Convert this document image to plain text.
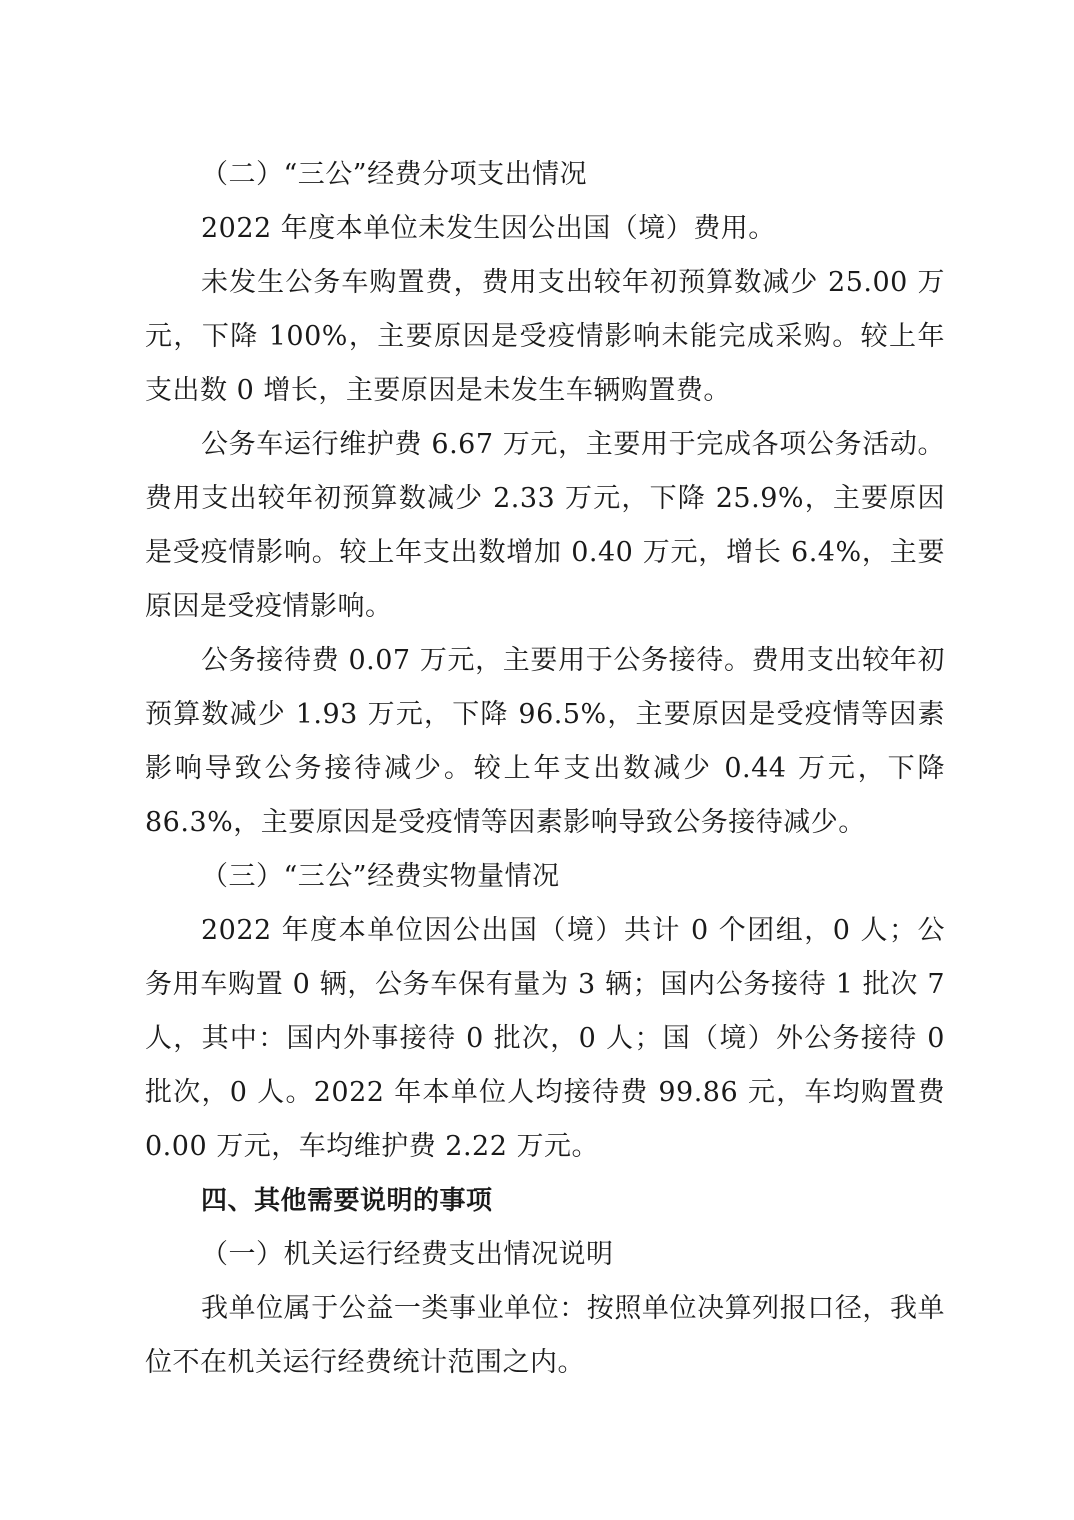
（二）“三公”经费分项支出情况

2022 年度本单位未发生因公出国（境）费用。

未发生公务车购置费，费用支出较年初预算数减少 25.00 万元，下降 100%，主要原因是受疫情影响未能完成采购。较上年支出数 0 增长，主要原因是未发生车辆购置费。

公务车运行维护费 6.67 万元，主要用于完成各项公务活动。费用支出较年初预算数减少 2.33 万元，下降 25.9%，主要原因是受疫情影响。较上年支出数增加 0.40 万元，增长 6.4%，主要原因是受疫情影响。

公务接待费 0.07 万元，主要用于公务接待。费用支出较年初预算数减少 1.93 万元，下降 96.5%，主要原因是受疫情等因素影响导致公务接待减少。较上年支出数减少 0.44 万元，下降 86.3%，主要原因是受疫情等因素影响导致公务接待减少。

（三）“三公”经费实物量情况

2022 年度本单位因公出国（境）共计 0 个团组，0 人；公务用车购置 0 辆，公务车保有量为 3 辆；国内公务接待 1 批次 7 人，其中：国内外事接待 0 批次，0 人；国（境）外公务接待 0 批次，0 人。2022 年本单位人均接待费 99.86 元，车均购置费 0.00 万元，车均维护费 2.22 万元。

四、其他需要说明的事项
（一）机关运行经费支出情况说明

我单位属于公益一类事业单位：按照单位决算列报口径，我单位不在机关运行经费统计范围之内。
